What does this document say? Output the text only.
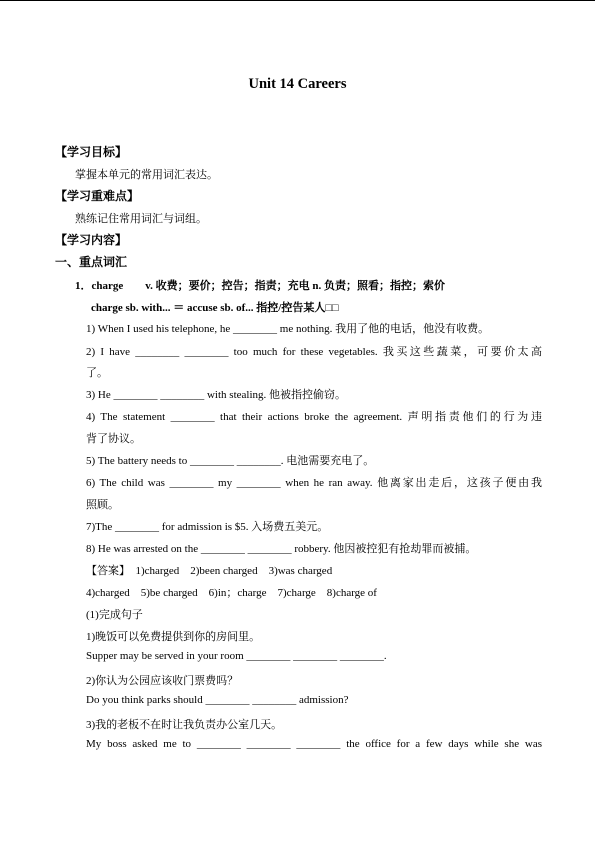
Unit 14 Careers
【学习目标】
掌握本单元的常用词汇表达。
【学习重难点】
熟练记住常用词汇与词组。
【学习内容】
一、重点词汇
1．charge　　v. 收费；要价；控告；指责；充电 n. 负责；照看；指控；索价
charge sb. with... ＝ accuse sb. of... 指控/控告某人□□
1) When I used his telephone, he ________ me nothing. 我用了他的电话，他没有收费。
2) I have ________ ________ too much for these vegetables. 我买这些蔬菜，可要价太高
了。
3) He ________ ________ with stealing. 他被指控偷窃。
4) The statement ________ that their actions broke the agreement. 声明指责他们的行为违
背了协议。
5) The battery needs to ________ ________. 电池需要充电了。
6) The child was ________ my ________ when he ran away. 他离家出走后，这孩子便由我
照顾。
7)The ________ for admission is $5. 入场费五美元。
8) He was arrested on the ________ ________ robbery. 他因被控犯有抢劫罪而被捕。
【答案】　1)charged　2)been charged　3)was charged
4)charged　5)be charged　6)in；charge　7)charge　8)charge of
(1)完成句子
1)晚饭可以免费提供到你的房间里。
Supper may be served in your room ________ ________ ________.
2)你认为公园应该收门票费吗？
Do you think parks should ________ ________ admission?
3)我的老板不在时让我负责办公室几天。
My boss asked me to ________ ________ ________ the office for a few days while she was
